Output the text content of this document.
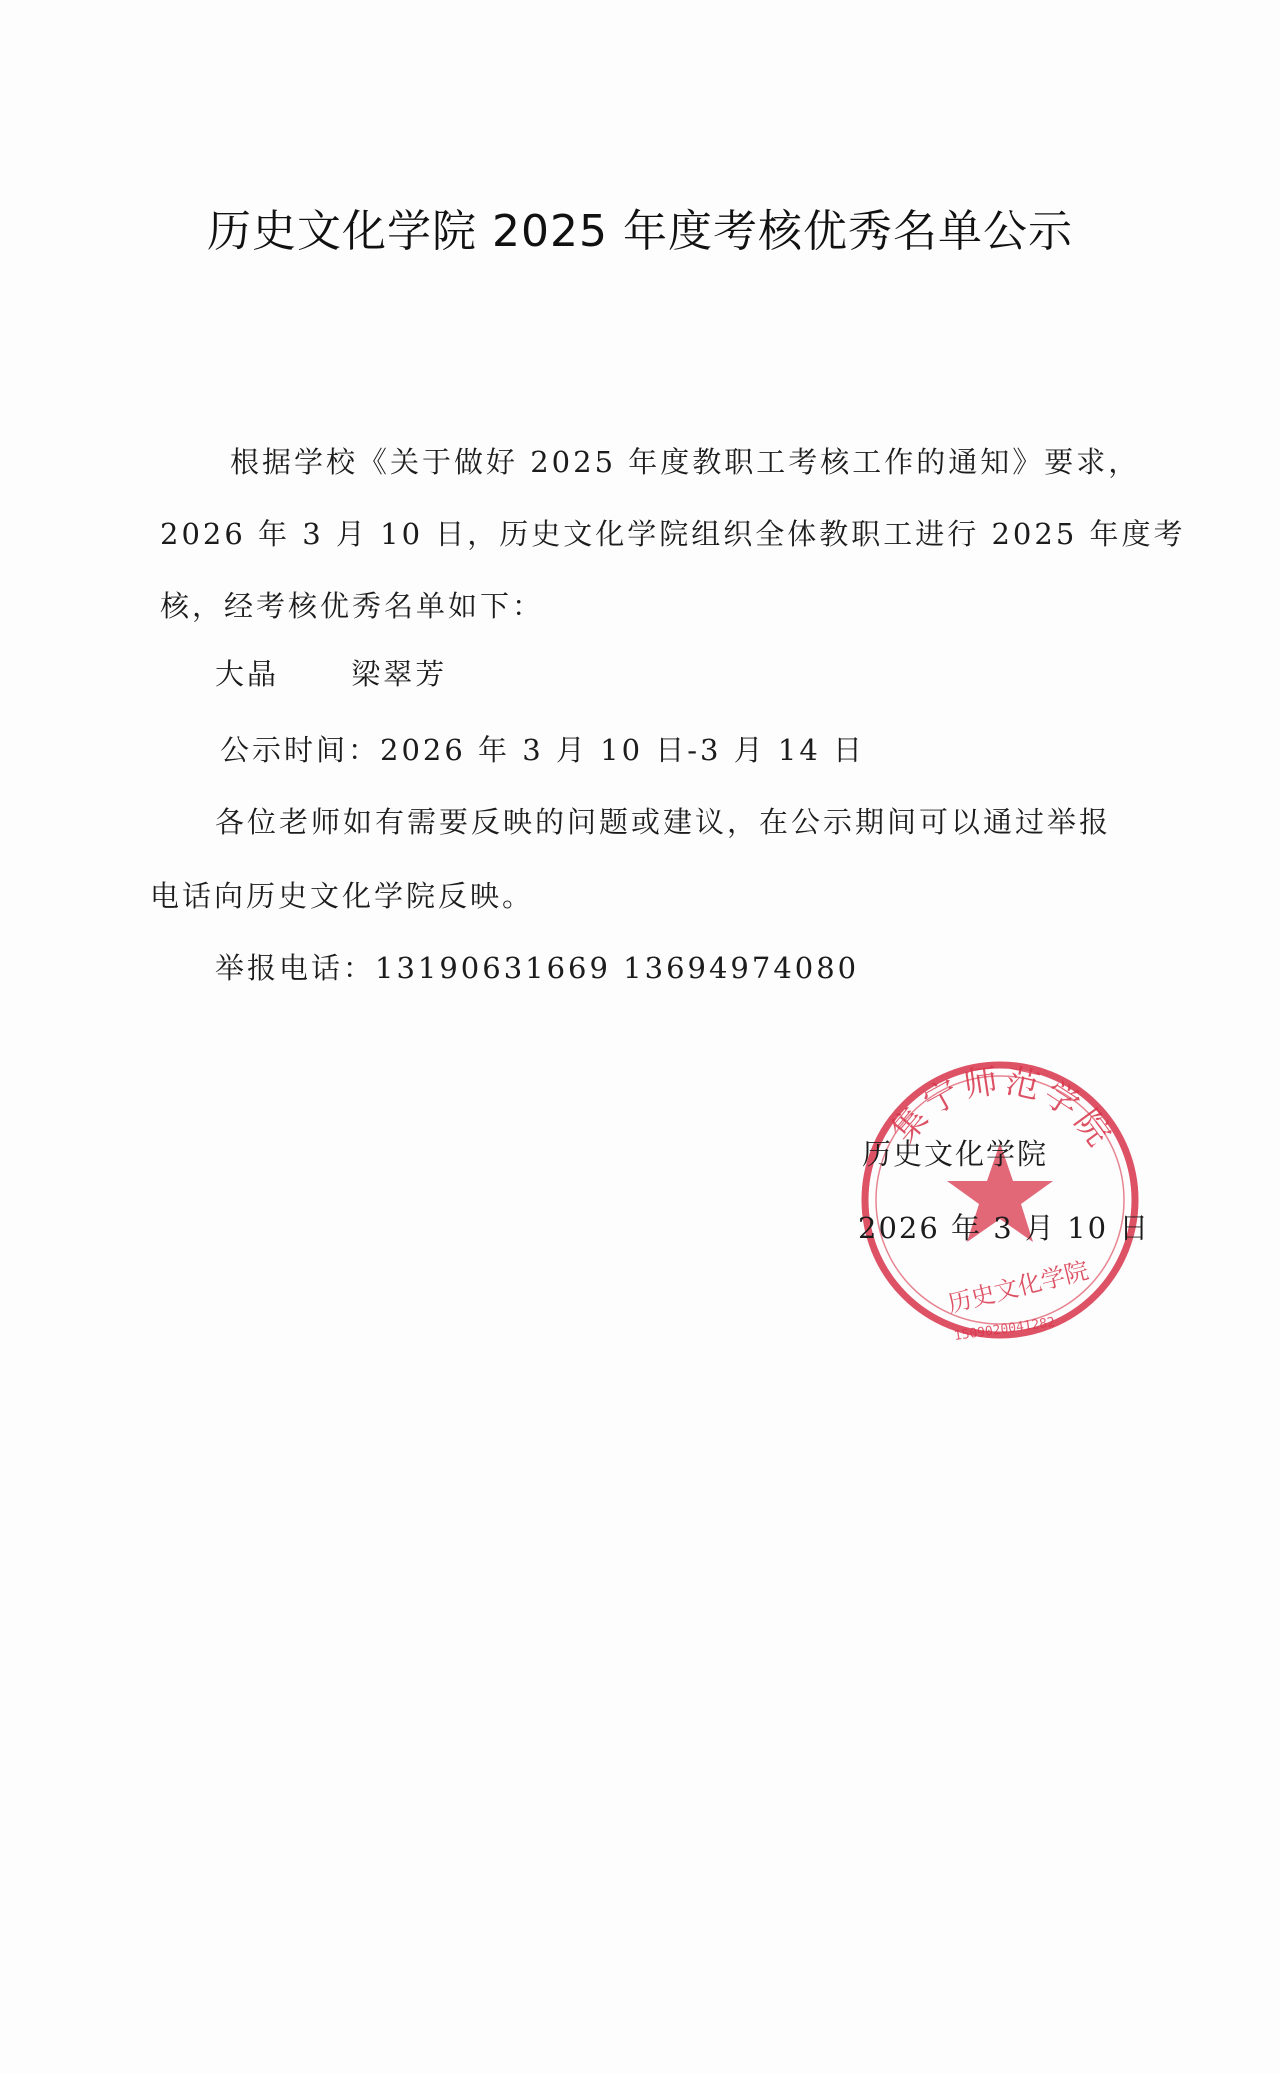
历史文化学院 2025 年度考核优秀名单公示
根据学校《关于做好 2025 年度教职工考核工作的通知》要求，
2026 年 3 月 10 日，历史文化学院组织全体教职工进行 2025 年度考
核，经考核优秀名单如下：
大晶 梁翠芳
公示时间：2026 年 3 月 10 日-3 月 14 日
各位老师如有需要反映的问题或建议，在公示期间可以通过举报
电话向历史文化学院反映。
举报电话：13190631669 13694974080
集宁师范学院
历史文化学院
1509020041282
历史文化学院
2026 年 3 月 10 日
